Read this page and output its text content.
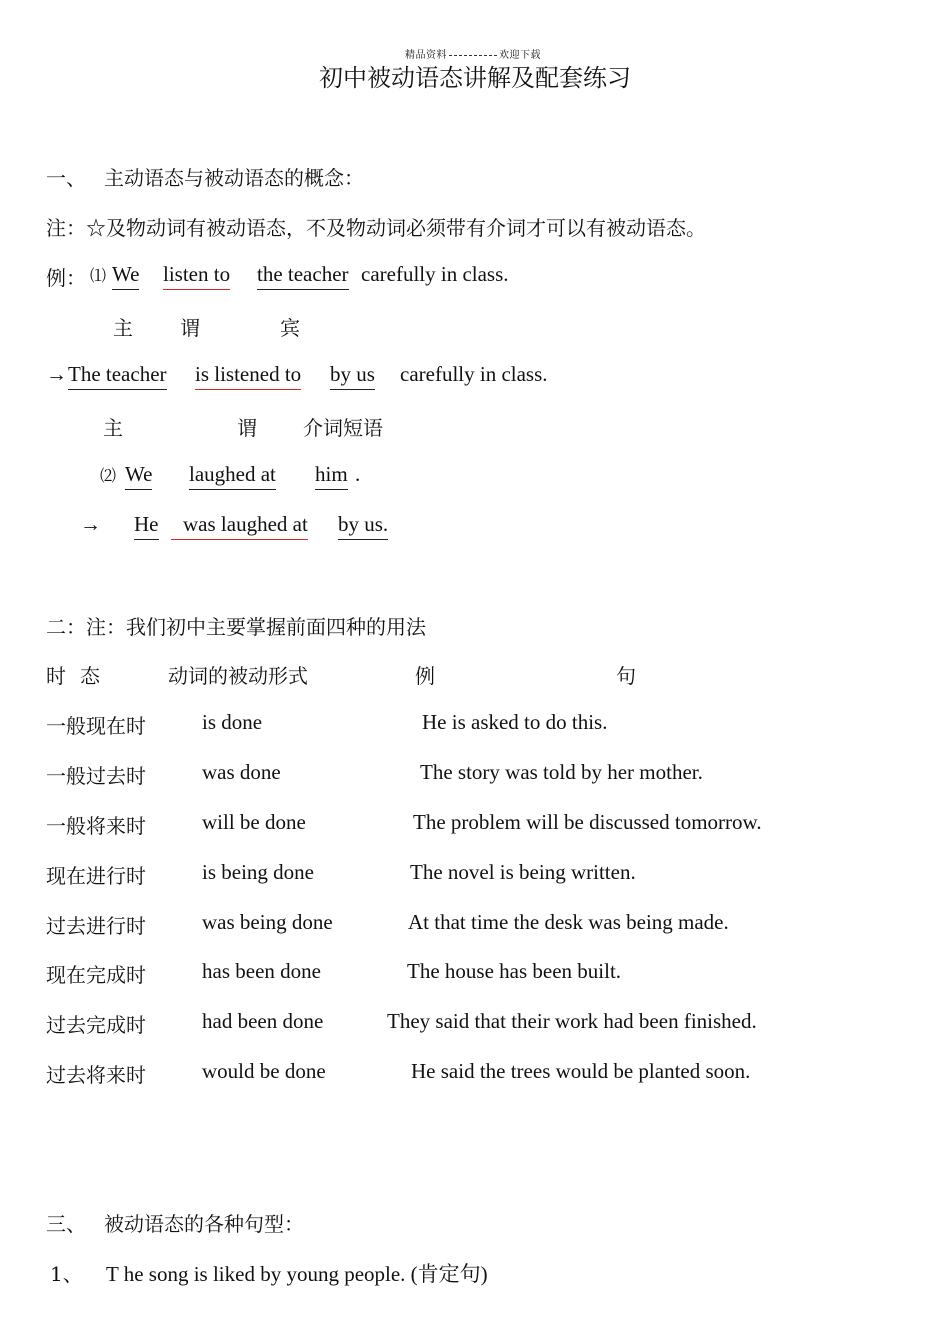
精品资料	欢迎下载
初中被动语态讲解及配套练习
一、 主动语态与被动语态的概念：
注：☆及物动词有被动语态，不及物动词必须带有介词才可以有被动语态。
例： ⑴ We listen to the teacher carefully in class.
主 谓	宾
→ The teacher is listened to by us carefully in class.
主	谓 介词短语
⑵ We laughed at him .
→ He	was laughed at by us.
二：注：我们初中主要掌握前面四种的用法
时 态	动词的被动形式	例	句
一般现在时	is done	He is asked to do this.
一般过去时	was done	The story was told by her mother.
一般将来时	will be done	The problem will be discussed tomorrow.
现在进行时	is being done	The novel is being written.
过去进行时	was being done	At that time the desk was being made.
现在完成时	has been done	The house has been built.
过去完成时	had been done	They said that their work had been finished.
过去将来时	would be done	He said the trees would be planted soon.
三、 被动语态的各种句型：
1、 T he song is liked by young people. (肯定句)
